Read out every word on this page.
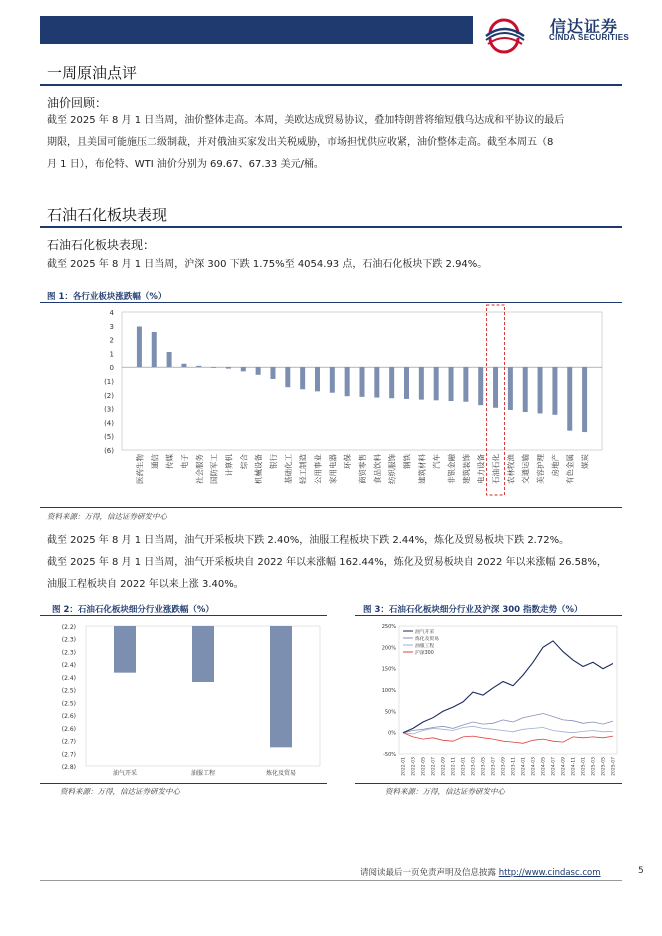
信达证券
CINDA SECURITIES
一周原油点评
油价回顾：
截至 2025 年 8 月 1 日当周，油价整体走高。本周，美欧达成贸易协议，叠加特朗普将缩短俄乌达成和平协议的最后
期限，且美国可能施压二级制裁，并对俄油买家发出关税威胁，市场担忧供应收紧，油价整体走高。截至本周五（8
月 1 日），布伦特、WTI 油价分别为 69.67、67.33 美元/桶。
石油石化板块表现
石油石化板块表现：
截至 2025 年 8 月 1 日当周，沪深 300 下跌 1.75%至 4054.93 点，石油石化板块下跌 2.94%。
图 1：各行业板块涨跌幅（%）
4
3
2
1
0
(1)
(2)
(3)
(4)
(5)
(6)
医药生物 通信 传媒 电子 社会服务 国防军工 计算机 综合 机械设备 银行 基础化工 轻工制造 公用事业 家用电器 环保 商贸零售 食品饮料 纺织服饰 钢铁 建筑材料 汽车 非银金融 建筑装饰 电力设备 石油石化 农林牧渔 交通运输 美容护理 房地产 有色金属 煤炭
资料来源：万得，信达证券研发中心
截至 2025 年 8 月 1 日当周，油气开采板块下跌 2.40%，油服工程板块下跌 2.44%，炼化及贸易板块下跌 2.72%。
截至 2025 年 8 月 1 日当周，油气开采板块自 2022 年以来涨幅 162.44%，炼化及贸易板块自 2022 年以来涨幅 26.58%，
油服工程板块自 2022 年以来上涨 3.40%。
图 2：石油石化板块细分行业涨跌幅（%）
(2.2)
(2.3)
(2.3)
(2.4)
(2.4)
(2.5)
(2.5)
(2.6)
(2.6)
(2.7)
(2.7)
(2.8)
油气开采	油服工程	炼化及贸易
资料来源：万得，信达证券研发中心
图 3：石油石化板块细分行业及沪深 300 指数走势（%）
250%
200%
150%
100%
50%
0%
-50%
2022-01 2022-03 2022-05 2022-07 2022-09 2022-11 2023-01 2023-03 2023-05 2023-07 2023-09 2023-11 2024-01 2024-03 2024-05 2024-07 2024-09 2024-11 2025-01 2025-03 2025-05 2025-07
油气开采
炼化及贸易
油服工程
沪深300
资料来源：万得，信达证券研发中心
请阅读最后一页免责声明及信息披露 http://www.cindasc.com	5
